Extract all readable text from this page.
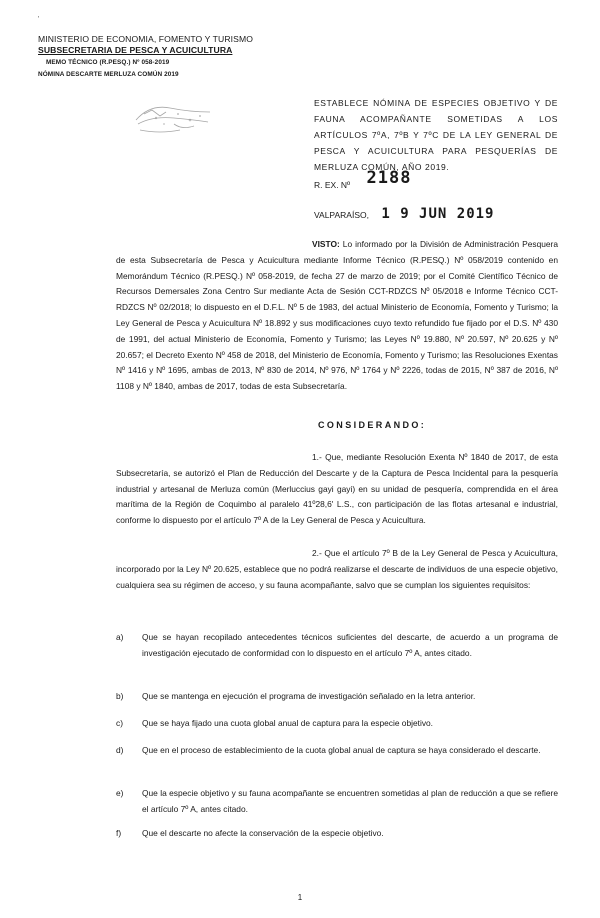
'
MINISTERIO DE ECONOMIA, FOMENTO Y TURISMO
SUBSECRETARIA DE PESCA Y ACUICULTURA
MEMO TÉCNICO (R.PESQ.) Nº 058-2019
NÓMINA DESCARTE MERLUZA COMÚN 2019
ESTABLECE NÓMINA DE ESPECIES OBJETIVO Y DE FAUNA ACOMPAÑANTE SOMETIDAS A LOS ARTÍCULOS 7ºA, 7ºB Y 7ºC DE LA LEY GENERAL DE PESCA Y ACUICULTURA PARA PESQUERÍAS DE MERLUZA COMÚN, AÑO 2019.
R. EX. Nº 2188
VALPARAÍSO, 1 9 JUN 2019
VISTO: Lo informado por la División de Administración Pesquera de esta Subsecretaría de Pesca y Acuicultura mediante Informe Técnico (R.PESQ.) Nº 058/2019 contenido en Memorándum Técnico (R.PESQ.) Nº 058-2019, de fecha 27 de marzo de 2019; por el Comité Científico Técnico de Recursos Demersales Zona Centro Sur mediante Acta de Sesión CCT-RDZCS Nº 05/2018 e Informe Técnico CCT-RDZCS Nº 02/2018; lo dispuesto en el D.F.L. Nº 5 de 1983, del actual Ministerio de Economía, Fomento y Turismo; la Ley General de Pesca y Acuicultura Nº 18.892 y sus modificaciones cuyo texto refundido fue fijado por el D.S. Nº 430 de 1991, del actual Ministerio de Economía, Fomento y Turismo; las Leyes Nº 19.880, Nº 20.597, Nº 20.625 y Nº 20.657; el Decreto Exento Nº 458 de 2018, del Ministerio de Economía, Fomento y Turismo; las Resoluciones Exentas Nº 1416 y Nº 1695, ambas de 2013, Nº 830 de 2014, Nº 976, Nº 1764 y Nº 2226, todas de 2015, Nº 387 de 2016, Nº 1108 y Nº 1840, ambas de 2017, todas de esta Subsecretaría.
CONSIDERANDO:
1.- Que, mediante Resolución Exenta Nº 1840 de 2017, de esta Subsecretaría, se autorizó el Plan de Reducción del Descarte y de la Captura de Pesca Incidental para la pesquería industrial y artesanal de Merluza común (Merluccius gayi gayi) en su unidad de pesquería, comprendida en el área marítima de la Región de Coquimbo al paralelo 41º28,6' L.S., con participación de las flotas artesanal e industrial, conforme lo dispuesto por el artículo 7º A de la Ley General de Pesca y Acuicultura.
2.- Que el artículo 7º B de la Ley General de Pesca y Acuicultura, incorporado por la Ley Nº 20.625, establece que no podrá realizarse el descarte de individuos de una especie objetivo, cualquiera sea su régimen de acceso, y su fauna acompañante, salvo que se cumplan los siguientes requisitos:
a)	Que se hayan recopilado antecedentes técnicos suficientes del descarte, de acuerdo a un programa de investigación ejecutado de conformidad con lo dispuesto en el artículo 7º A, antes citado.
b)	Que se mantenga en ejecución el programa de investigación señalado en la letra anterior.
c)	Que se haya fijado una cuota global anual de captura para la especie objetivo.
d)	Que en el proceso de establecimiento de la cuota global anual de captura se haya considerado el descarte.
e)	Que la especie objetivo y su fauna acompañante se encuentren sometidas al plan de reducción a que se refiere el artículo 7º A, antes citado.
f)	Que el descarte no afecte la conservación de la especie objetivo.
1
